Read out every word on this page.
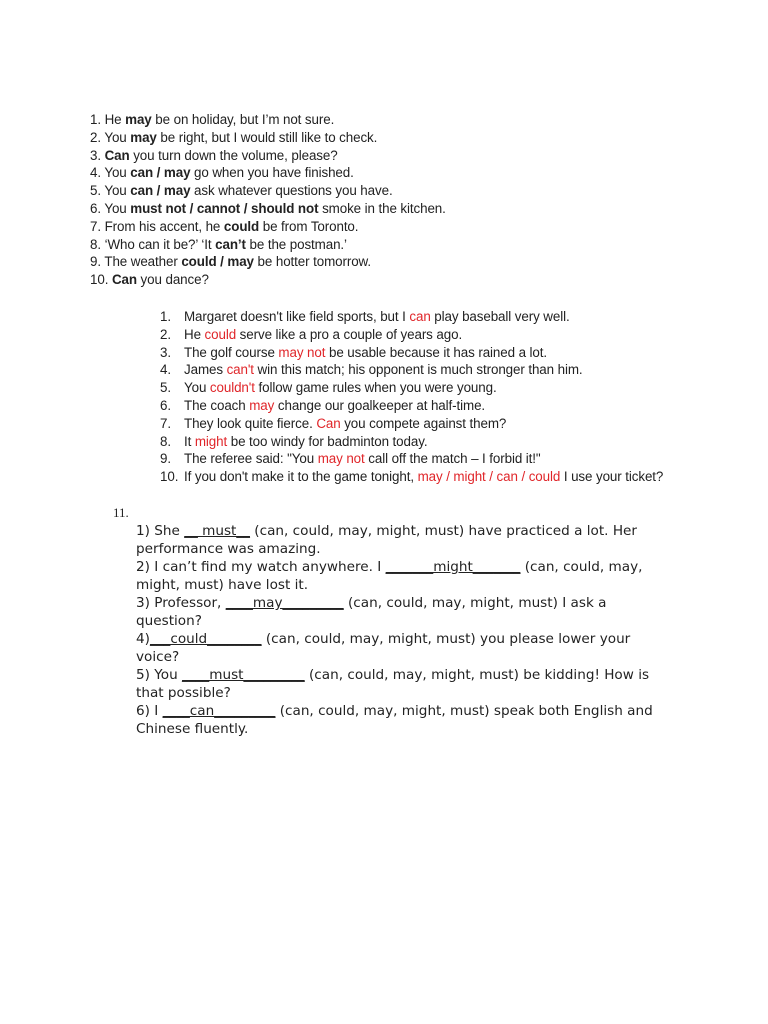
1. He may be on holiday, but I’m not sure.
2. You may be right, but I would still like to check.
3. Can you turn down the volume, please?
4. You can / may go when you have finished.
5. You can / may ask whatever questions you have.
6. You must not / cannot / should not smoke in the kitchen.
7. From his accent, he could be from Toronto.
8. ‘Who can it be?’ ‘It can’t be the postman.’
9. The weather could / may be hotter tomorrow.
10. Can you dance?
1. Margaret doesn't like field sports, but I can play baseball very well.
2. He could serve like a pro a couple of years ago.
3. The golf course may not be usable because it has rained a lot.
4. James can't win this match; his opponent is much stronger than him.
5. You couldn't follow game rules when you were young.
6. The coach may change our goalkeeper at half-time.
7. They look quite fierce. Can you compete against them?
8. It might be too windy for badminton today.
9. The referee said: "You may not call off the match – I forbid it!"
10. If you don't make it to the game tonight, may / might / can / could I use your ticket?
11.
1) She __ must__ (can, could, may, might, must) have practiced a lot. Her performance was amazing.
2) I can’t find my watch anywhere. I _______might_______ (can, could, may, might, must) have lost it.
3) Professor, ____may_________ (can, could, may, might, must) I ask a question?
4)___could________ (can, could, may, might, must) you please lower your voice?
5) You ____must_________ (can, could, may, might, must) be kidding! How is that possible?
6) I ____can_________ (can, could, may, might, must) speak both English and Chinese fluently.
